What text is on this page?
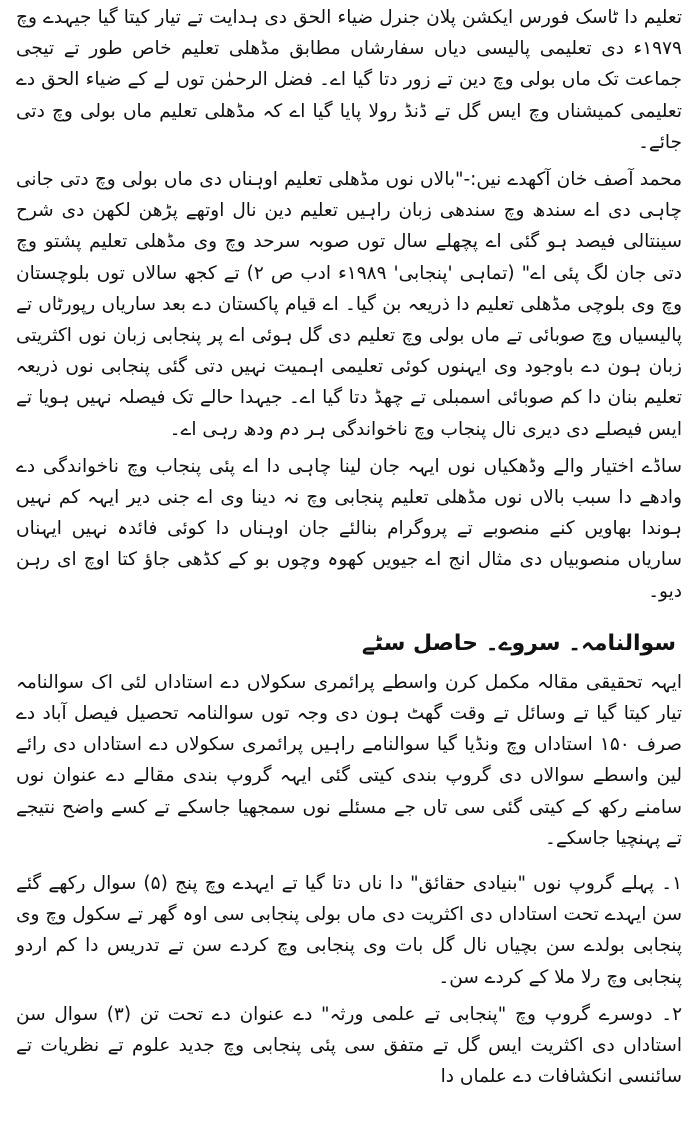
تعلیم دا ٹاسک فورس ایکشن پلان جنرل ضیاء الحق دی ہدایت تے تیار کیتا گیا جیہدے وچ ۱۹۷۹ء دی تعلیمی پالیسی دیاں سفارشاں مطابق مڈھلی تعلیم خاص طور تے تیجی جماعت تک ماں بولی وچ دین تے زور دتا گیا اے۔ فضل الرحمٰن توں لے کے ضیاء الحق دے تعلیمی کمیشناں وچ ایس گل تے ڈنڈ رولا پایا گیا اے کہ مڈھلی تعلیم ماں بولی وچ دتی جائے۔

محمد آصف خان آکھدے نیں:-"بالاں نوں مڈھلی تعلیم اوہناں دی ماں بولی وچ دتی جانی چاہی دی اے سندھ وچ سندھی زبان راہیں تعلیم دین نال اوتھے پڑھن لکھن دی شرح سینتالی فیصد ہو گئی اے پچھلے سال توں صوبہ سرحد وچ وی مڈھلی تعلیم پشتو وچ دتی جان لگ پئی اے" (تماہی 'پنجابی' ۱۹۸۹ء ادب ص ۲) تے کجھ سالاں توں بلوچستان وچ وی بلوچی مڈھلی تعلیم دا ذریعہ بن گیا۔ اے قیام پاکستان دے بعد ساریاں رپورٹاں تے پالیسیاں وچ صوبائی تے ماں بولی وچ تعلیم دی گل ہوئی اے پر پنجابی زبان نوں اکثریتی زبان ہون دے باوجود وی ایہنوں کوئی تعلیمی اہمیت نہیں دتی گئی پنجابی نوں ذریعہ تعلیم بنان دا کم صوبائی اسمبلی تے چھڈ دتا گیا اے۔ جیہدا حالے تک فیصلہ نہیں ہویا تے ایس فیصلے دی دیری نال پنجاب وچ ناخواندگی ہر دم ودھ رہی اے۔

ساڈے اختیار والے وڈھکیاں نوں ایہہ جان لینا چاہی دا اے پئی پنجاب وچ ناخواندگی دے وادھے دا سبب بالاں نوں مڈھلی تعلیم پنجابی وچ نہ دینا وی اے جنی دیر ایہہ کم نہیں ہوندا بھاویں کنے منصوبے تے پروگرام بنالئے جان اوہناں دا کوئی فائدہ نہیں ایہناں ساریاں منصوبیاں دی مثال انج اے جیویں کھوہ وچوں بو کے کڈھی جاؤ کتا اوچ ای رہن دیو۔

سوالنامہ۔ سروے۔ حاصل سٹے

ایہہ تحقیقی مقالہ مکمل کرن واسطے پرائمری سکولاں دے استاداں لئی اک سوالنامہ تیار کیتا گیا تے وسائل تے وقت گھٹ ہون دی وجہ توں سوالنامہ تحصیل فیصل آباد دے صرف ۱۵۰ استاداں وچ ونڈیا گیا سوالنامے راہیں پرائمری سکولاں دے استاداں دی رائے لین واسطے سوالاں دی گروپ بندی کیتی گئی ایہہ گروپ بندی مقالے دے عنوان نوں سامنے رکھ کے کیتی گئی سی تاں جے مسئلے نوں سمجھیا جاسکے تے کسے واضح نتیجے تے پہنچیا جاسکے۔

۱۔ پہلے گروپ نوں "بنیادی حقائق" دا ناں دتا گیا تے ایہدے وچ پنج (۵) سوال رکھے گئے سن ایہدے تحت استاداں دی اکثریت دی ماں بولی پنجابی سی اوہ گھر تے سکول وچ وی پنجابی بولدے سن بچیاں نال گل بات وی پنجابی وچ کردے سن تے تدریس دا کم اردو پنجابی وچ رلا ملا کے کردے سن۔

۲۔ دوسرے گروپ وچ "پنجابی تے علمی ورثہ" دے عنوان دے تحت تن (۳) سوال سن استاداں دی اکثریت ایس گل تے متفق سی پئی پنجابی وچ جدید علوم تے نظریات تے سائنسی انکشافات دے علماں دا
